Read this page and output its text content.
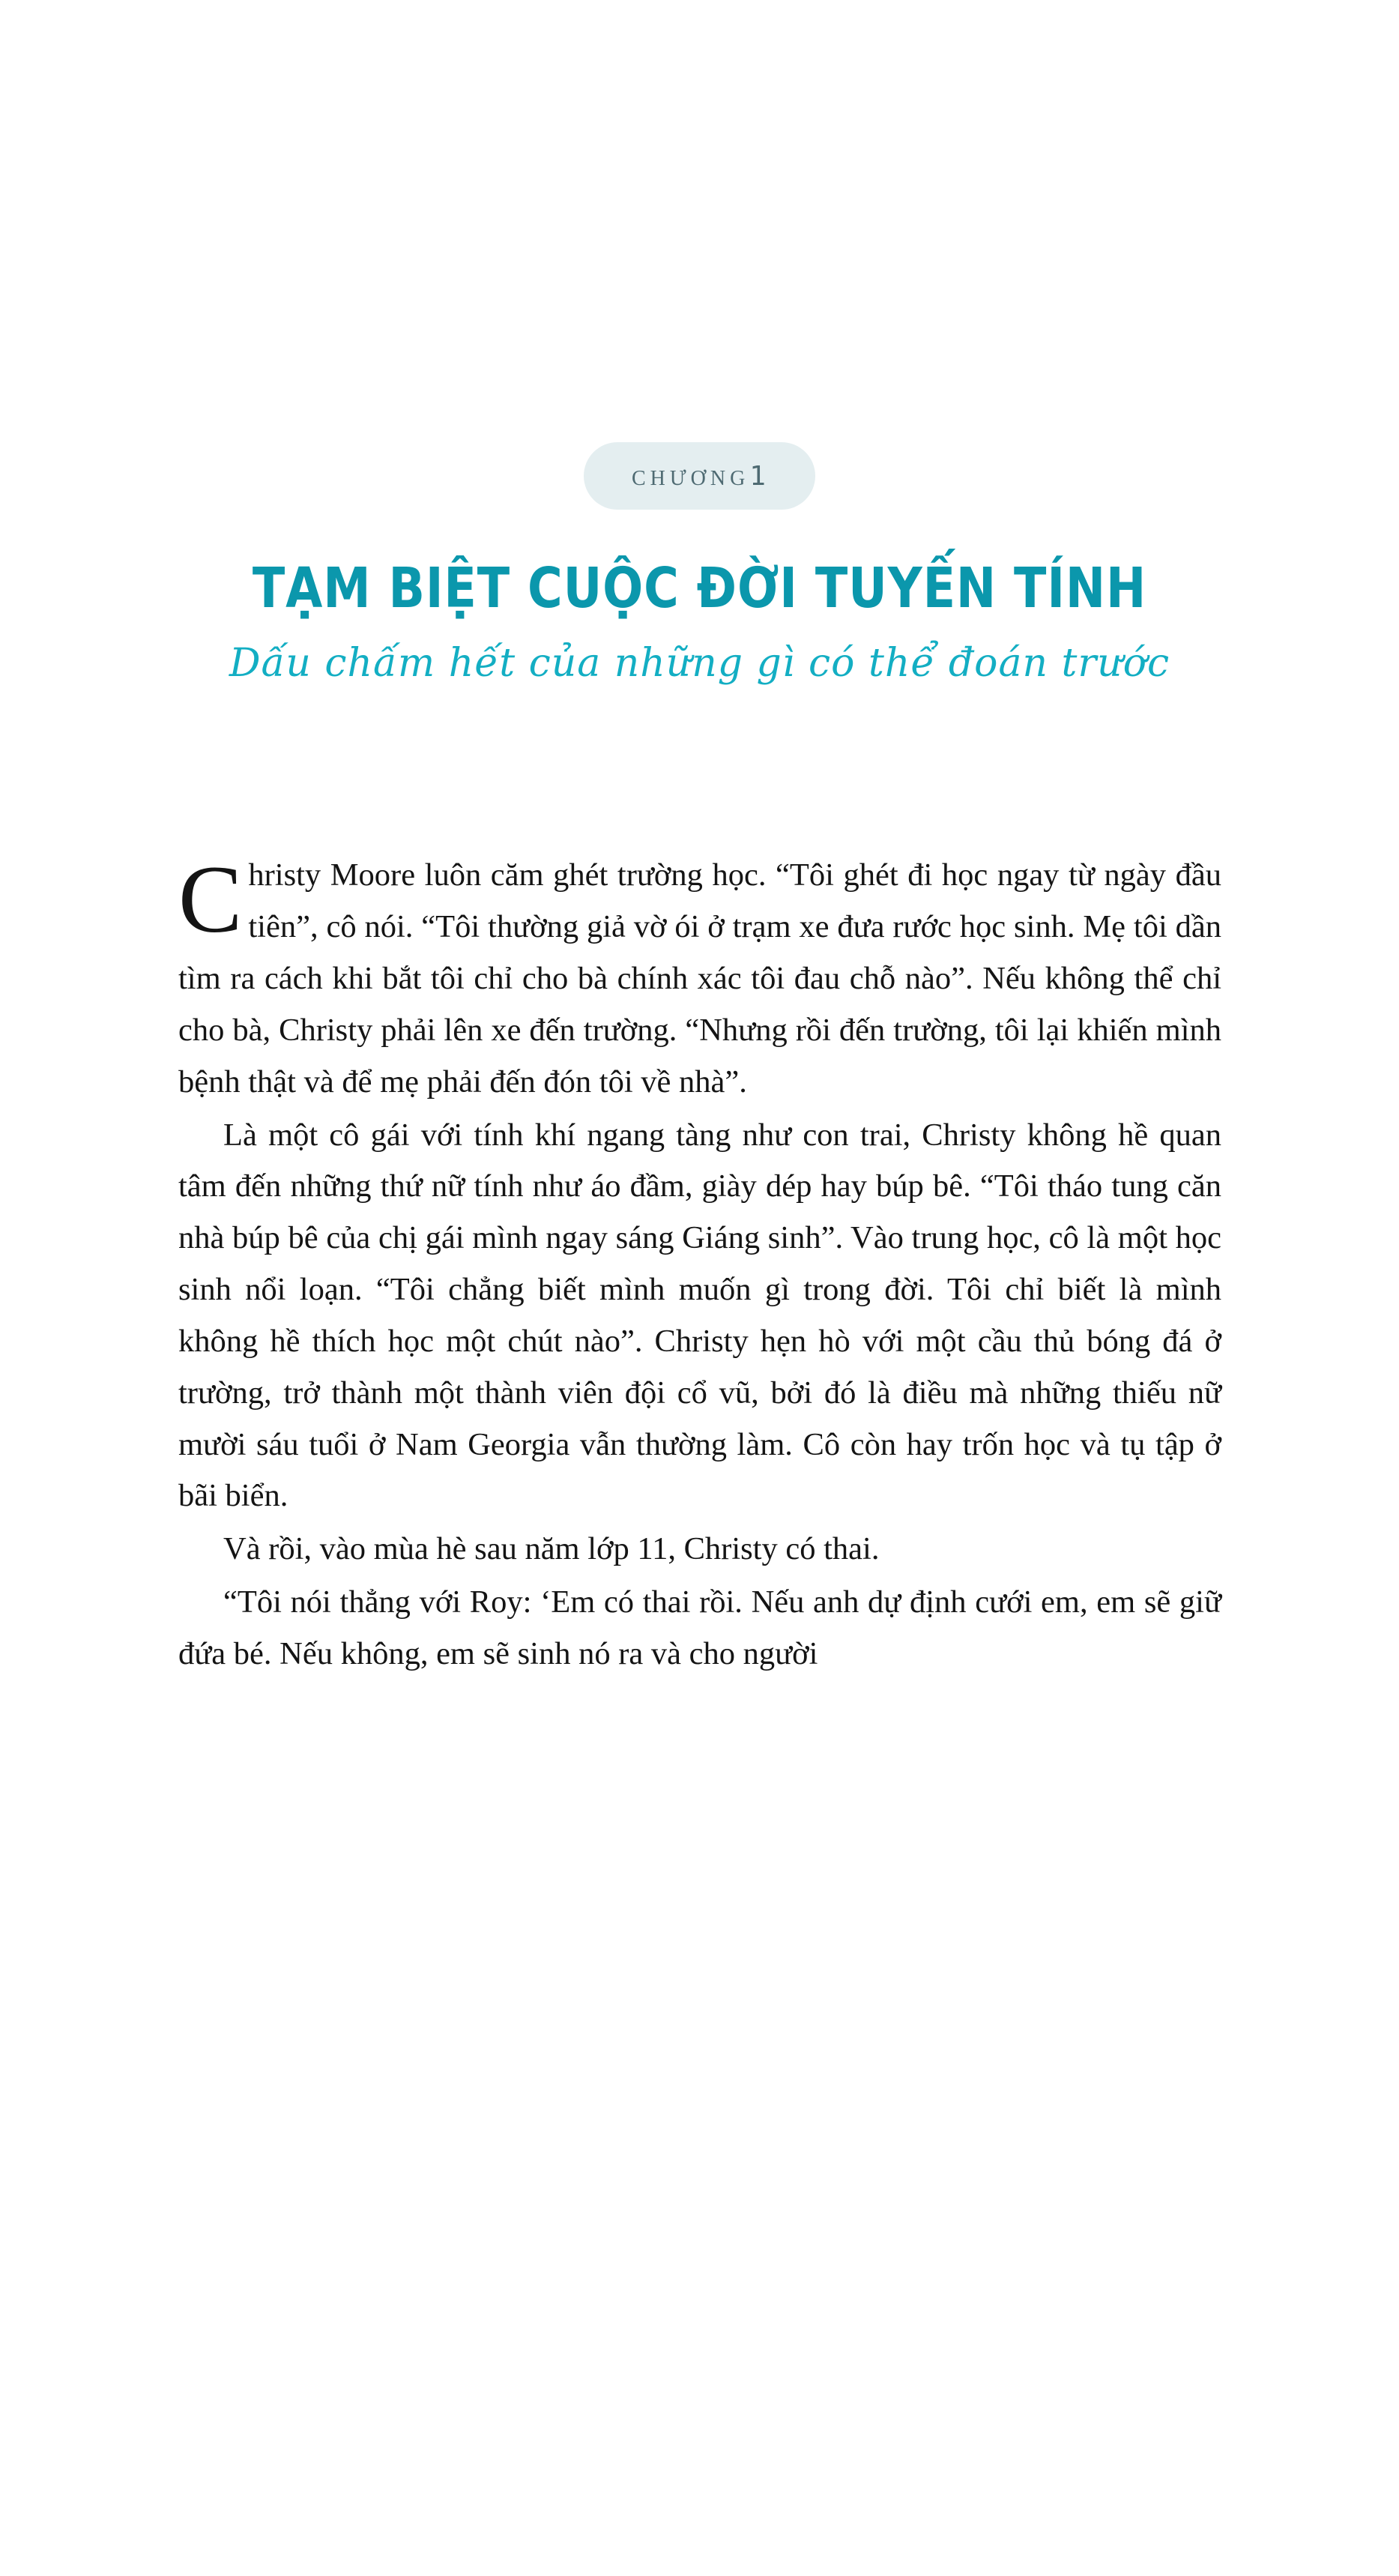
chương1
TẠM BIỆT CUỘC ĐỜI TUYẾN TÍNH
Dấu chấm hết của những gì có thể đoán trước

Christy Moore luôn căm ghét trường học. “Tôi ghét đi học ngay từ ngày đầu tiên”, cô nói. “Tôi thường giả vờ ói ở trạm xe đưa rước học sinh. Mẹ tôi dần tìm ra cách khi bắt tôi chỉ cho bà chính xác tôi đau chỗ nào”. Nếu không thể chỉ cho bà, Christy phải lên xe đến trường. “Nhưng rồi đến trường, tôi lại khiến mình bệnh thật và để mẹ phải đến đón tôi về nhà”.

Là một cô gái với tính khí ngang tàng như con trai, Christy không hề quan tâm đến những thứ nữ tính như áo đầm, giày dép hay búp bê. “Tôi tháo tung căn nhà búp bê của chị gái mình ngay sáng Giáng sinh”. Vào trung học, cô là một học sinh nổi loạn. “Tôi chẳng biết mình muốn gì trong đời. Tôi chỉ biết là mình không hề thích học một chút nào”. Christy hẹn hò với một cầu thủ bóng đá ở trường, trở thành một thành viên đội cổ vũ, bởi đó là điều mà những thiếu nữ mười sáu tuổi ở Nam Georgia vẫn thường làm. Cô còn hay trốn học và tụ tập ở bãi biển.

Và rồi, vào mùa hè sau năm lớp 11, Christy có thai.

“Tôi nói thẳng với Roy: ‘Em có thai rồi. Nếu anh dự định cưới em, em sẽ giữ đứa bé. Nếu không, em sẽ sinh nó ra và cho người
